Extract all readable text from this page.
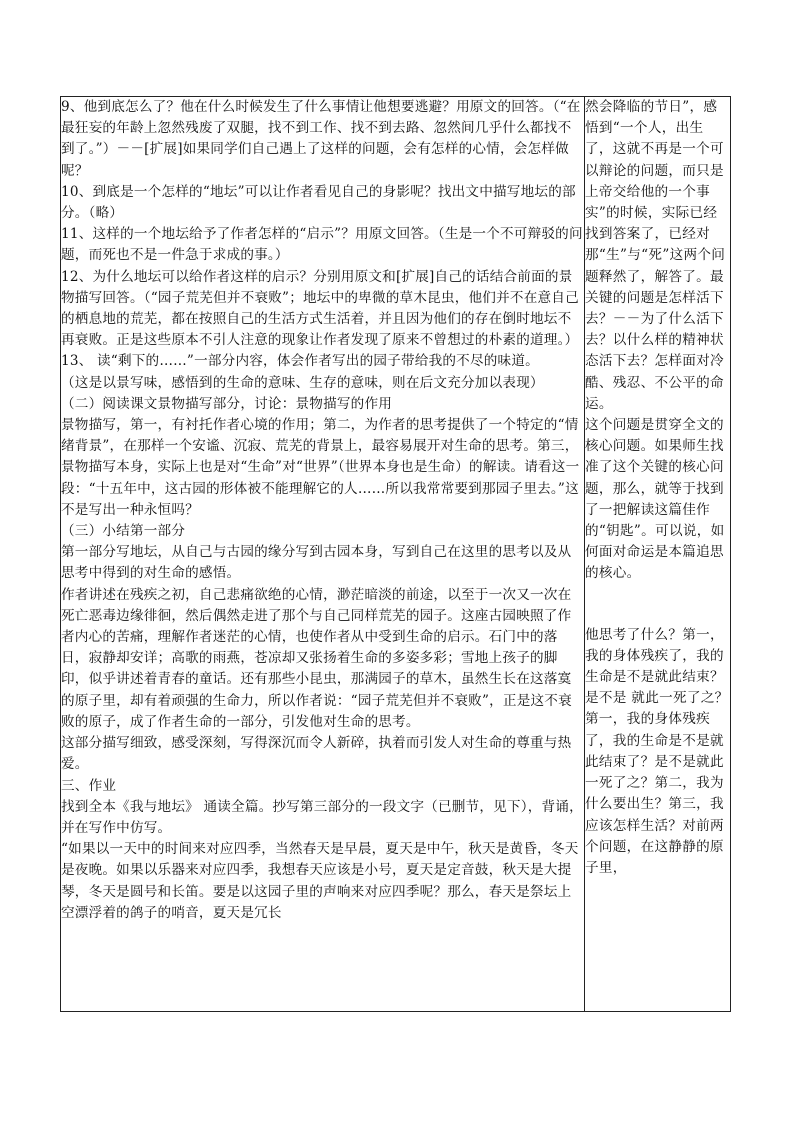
9、他到底怎么了？他在什么时候发生了什么事情让他想要逃避？用原文的回答。（“在最狂妄的年龄上忽然残废了双腿，找不到工作、找不到去路、忽然间几乎什么都找不到了。”）－－[扩展]如果同学们自己遇上了这样的问题，会有怎样的心情，会怎样做呢？

10、到底是一个怎样的“地坛”可以让作者看见自己的身影呢？找出文中描写地坛的部分。（略）

11、这样的一个地坛给予了作者怎样的“启示”？用原文回答。（生是一个不可辩驳的问题，而死也不是一件急于求成的事。）

12、为什么地坛可以给作者这样的启示？分别用原文和[扩展]自己的话结合前面的景物描写回答。（“园子荒芜但并不衰败”；地坛中的卑微的草木昆虫，他们并不在意自己的栖息地的荒芜，都在按照自己的生活方式生活着，并且因为他们的存在倒时地坛不再衰败。正是这些原本不引人注意的现象让作者发现了原来不曾想过的朴素的道理。）

13、 读“剩下的……”一部分内容，体会作者写出的园子带给我的不尽的味道。

（这是以景写味，感悟到的生命的意味、生存的意味，则在后文充分加以表现）

（二）阅读课文景物描写部分，讨论：景物描写的作用

景物描写，第一，有衬托作者心境的作用；第二，为作者的思考提供了一个特定的“情绪背景”，在那样一个安谧、沉寂、荒芜的背景上，最容易展开对生命的思考。第三，景物描写本身，实际上也是对“生命”对“世界”（世界本身也是生命）的解读。请看这一段：“十五年中，这古园的形体被不能理解它的人……所以我常常要到那园子里去。”这不是写出一种永恒吗？

（三）小结第一部分

第一部分写地坛，从自己与古园的缘分写到古园本身，写到自己在这里的思考以及从思考中得到的对生命的感悟。

作者讲述在残疾之初，自己悲痛欲绝的心情，渺茫暗淡的前途，以至于一次又一次在死亡恶毒边缘徘徊，然后偶然走进了那个与自己同样荒芜的园子。这座古园映照了作者内心的苦痛，理解作者迷茫的心情，也使作者从中受到生命的启示。石门中的落日，寂静却安详；高歌的雨燕，苍凉却又张扬着生命的多姿多彩；雪地上孩子的脚印，似乎讲述着青春的童话。还有那些小昆虫，那满园子的草木，虽然生长在这落寞的原子里，却有着顽强的生命力，所以作者说：“园子荒芜但并不衰败”，正是这不衰败的原子，成了作者生命的一部分，引发他对生命的思考。

这部分描写细致，感受深刻，写得深沉而令人新碎，执着而引发人对生命的尊重与热爱。

三、作业

找到全本《我与地坛》 通读全篇。抄写第三部分的一段文字（已删节，见下），背诵，并在写作中仿写。

“如果以一天中的时间来对应四季，当然春天是早晨，夏天是中午，秋天是黄昏，冬天是夜晚。如果以乐器来对应四季，我想春天应该是小号，夏天是定音鼓，秋天是大提琴，冬天是圆号和长笛。要是以这园子里的声响来对应四季呢？那么，春天是祭坛上空漂浮着的鸽子的哨音，夏天是冗长

然会降临的节日”，感悟到“一个人，出生了，这就不再是一个可以辩论的问题，而只是上帝交给他的一个事实”的时候，实际已经找到答案了，已经对那“生”与“死”这两个问题释然了，解答了。最关键的问题是怎样活下去？－－为了什么活下去？以什么样的精神状态活下去？怎样面对冷酷、残忍、不公平的命运。

这个问题是贯穿全文的核心问题。如果师生找准了这个关键的核心问题，那么，就等于找到了一把解读这篇佳作的“钥匙”。可以说，如何面对命运是本篇追思的核心。

他思考了什么？第一，我的身体残疾了，我的生命是不是就此结束？是不是 就此一死了之？第一，我的身体残疾了，我的生命是不是就此结束了？是不是就此一死了之？第二，我为什么要出生？第三，我应该怎样生活？对前两个问题，在这静静的原子里，
